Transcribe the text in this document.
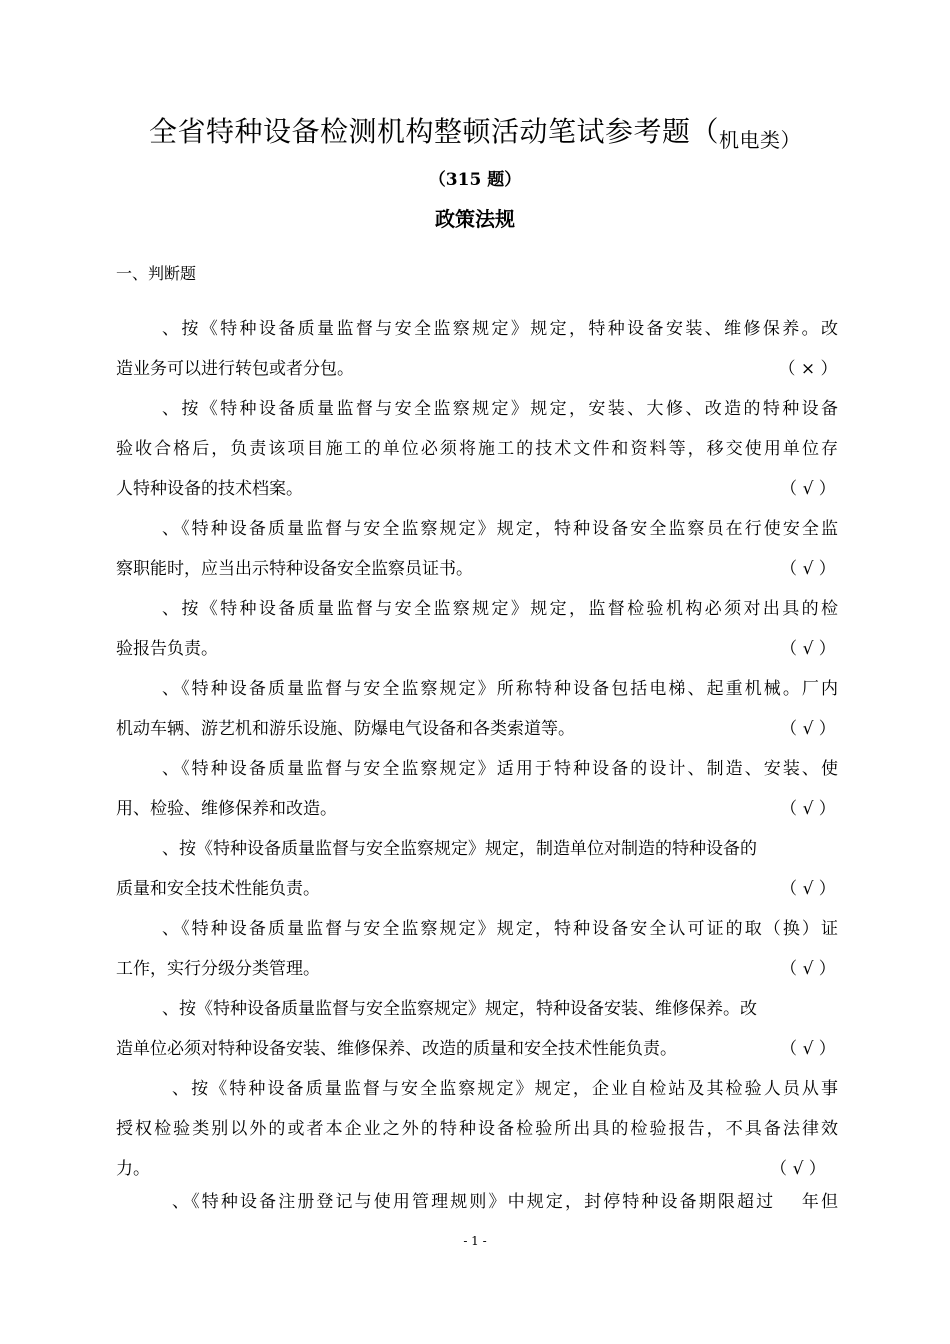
全省特种设备检测机构整顿活动笔试参考题（$_{机电类)}$
（315 题）
政策法规
一、判断题
、按《特种设备质量监督与安全监察规定》规定，特种设备安装、维修保养。改
造业务可以进行转包或者分包。	（ × ）
、按《特种设备质量监督与安全监察规定》规定，安装、大修、改造的特种设备
验收合格后，负责该项目施工的单位必须将施工的技术文件和资料等，移交使用单位存
人特种设备的技术档案。	（ √ ）
、《特种设备质量监督与安全监察规定》规定，特种设备安全监察员在行使安全监
察职能时，应当出示特种设备安全监察员证书。	（ √ ）
、按《特种设备质量监督与安全监察规定》规定，监督检验机构必须对出具的检
验报告负责。	（ √ ）
、《特种设备质量监督与安全监察规定》所称特种设备包括电梯、起重机械。厂内
机动车辆、游艺机和游乐设施、防爆电气设备和各类索道等。	（ √ ）
、《特种设备质量监督与安全监察规定》适用于特种设备的设计、制造、安装、使
用、检验、维修保养和改造。	（ √ ）
、按《特种设备质量监督与安全监察规定》规定，制造单位对制造的特种设备的
质量和安全技术性能负责。	（ √ ）
、《特种设备质量监督与安全监察规定》规定，特种设备安全认可证的取（换）证
工作，实行分级分类管理。	（ √ ）
、按《特种设备质量监督与安全监察规定》规定，特种设备安装、维修保养。改
造单位必须对特种设备安装、维修保养、改造的质量和安全技术性能负责。	（ √ ）
、按《特种设备质量监督与安全监察规定》规定，企业自检站及其检验人员从事
授权检验类别以外的或者本企业之外的特种设备检验所出具的检验报告，不具备法律效
力。	（ √ ）
、《特种设备注册登记与使用管理规则》中规定，封停特种设备期限超过　 年但
- 1 -
